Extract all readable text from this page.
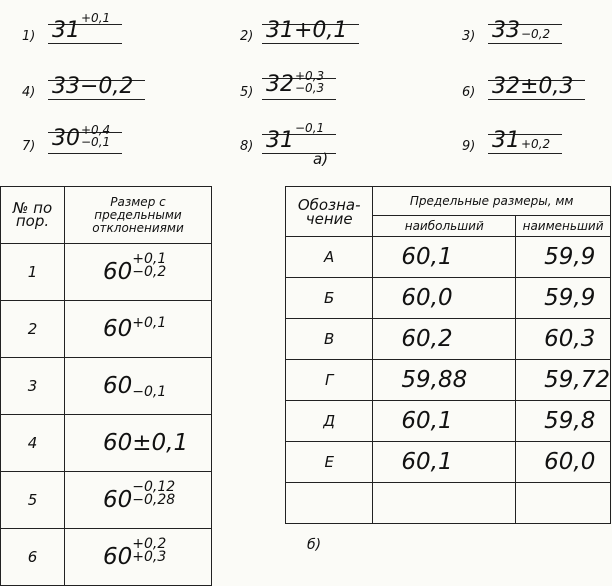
1) 31 +0,1
2) 31+0,1	3) 33 −0,2
4) 33−0,2	5) 32 +0,3
−0,3	6) 32±0,3
7) 30 +0,4
−0,1	8) 31 −0,1
9) 31 +0,2
а)
№ по пор.	Размер с предельными отклонениями
1	60 +0,1
−0,2

2	60 +0,1

3	60 −0,1

4	60±0,1
5	60 −0,12
−0,28

6	60 +0,2
+0,3
Обозна-чение	Предельные размеры, мм	
	наибольший	наименьший
А	60,1	59,9
Б	60,0	59,9
В	60,2	60,3
Г	59,88	59,72
Д	60,1	59,8
Е	60,1	60,0

б)
